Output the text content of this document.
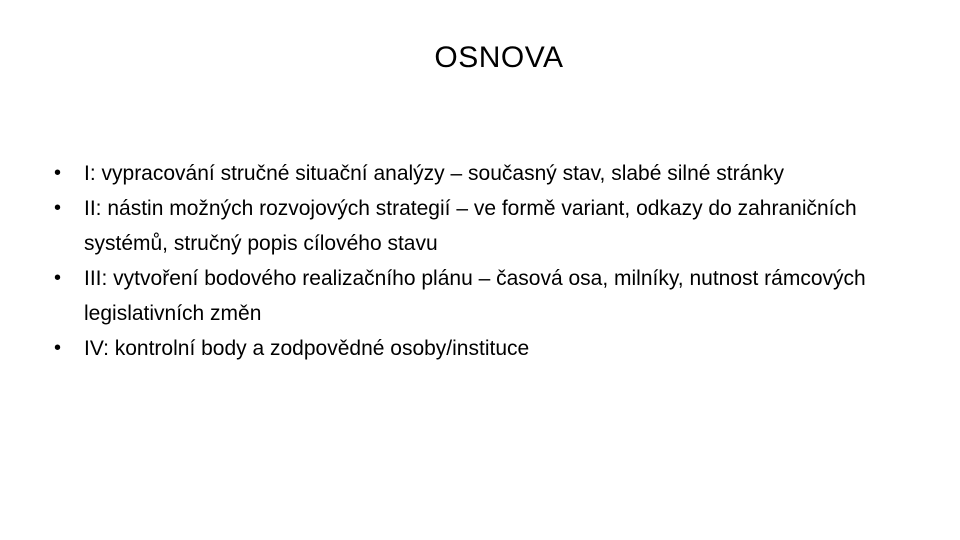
OSNOVA
•	I: vypracování stručné situační analýzy – současný stav, slabé silné stránky
•	II: nástin možných rozvojových strategií – ve formě variant, odkazy do zahraničních systémů, stručný popis cílového stavu
•	III: vytvoření bodového realizačního plánu – časová osa, milníky, nutnost rámcových legislativních změn
•	IV: kontrolní body a zodpovědné osoby/instituce
